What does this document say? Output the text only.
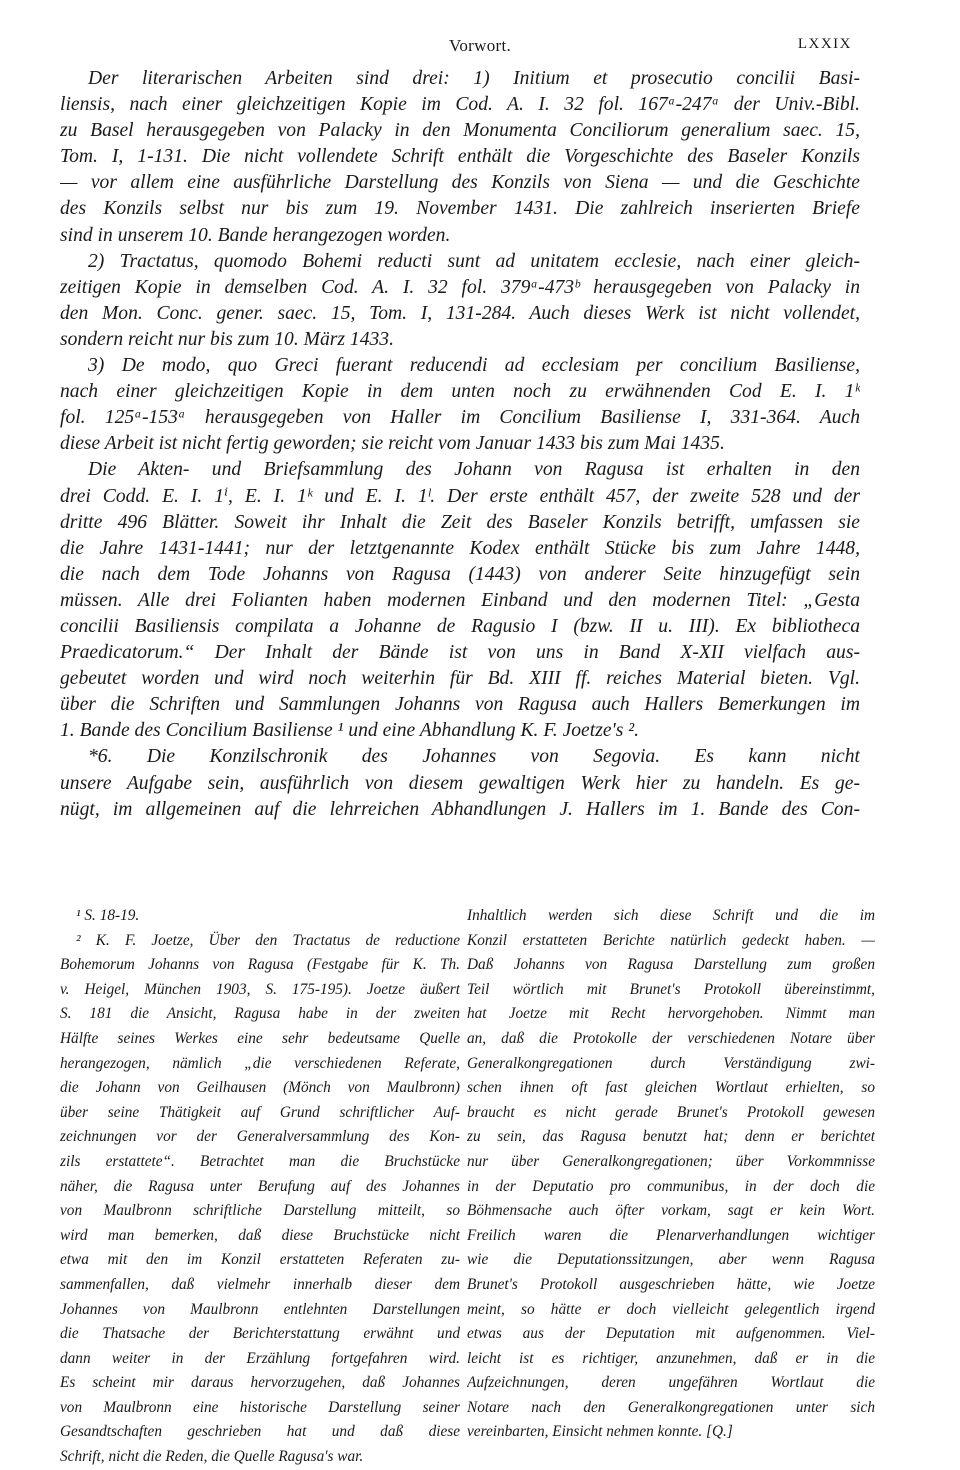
Vorwort.	LXXIX
Der literarischen Arbeiten sind drei: 1) Initium et prosecutio concilii Basi-
liensis, nach einer gleichzeitigen Kopie im Cod. A. I. 32 fol. 167ᵃ-247ᵃ der Univ.-Bibl.
zu Basel herausgegeben von Palacky in den Monumenta Conciliorum generalium saec. 15,
Tom. I, 1-131. Die nicht vollendete Schrift enthält die Vorgeschichte des Baseler Konzils
— vor allem eine ausführliche Darstellung des Konzils von Siena — und die Geschichte
des Konzils selbst nur bis zum 19. November 1431. Die zahlreich inserierten Briefe
sind in unserem 10. Bande herangezogen worden.
2) Tractatus, quomodo Bohemi reducti sunt ad unitatem ecclesie, nach einer gleich-
zeitigen Kopie in demselben Cod. A. I. 32 fol. 379ᵃ-473ᵇ herausgegeben von Palacky in
den Mon. Conc. gener. saec. 15, Tom. I, 131-284. Auch dieses Werk ist nicht vollendet,
sondern reicht nur bis zum 10. März 1433.
3) De modo, quo Greci fuerant reducendi ad ecclesiam per concilium Basiliense,
nach einer gleichzeitigen Kopie in dem unten noch zu erwähnenden Cod E. I. 1ᵏ
fol. 125ᵃ-153ᵃ herausgegeben von Haller im Concilium Basiliense I, 331-364. Auch
diese Arbeit ist nicht fertig geworden; sie reicht vom Januar 1433 bis zum Mai 1435.
Die Akten- und Briefsammlung des Johann von Ragusa ist erhalten in den
drei Codd. E. I. 1ⁱ, E. I. 1ᵏ und E. I. 1ˡ. Der erste enthält 457, der zweite 528 und der
dritte 496 Blätter. Soweit ihr Inhalt die Zeit des Baseler Konzils betrifft, umfassen sie
die Jahre 1431-1441; nur der letztgenannte Kodex enthält Stücke bis zum Jahre 1448,
die nach dem Tode Johanns von Ragusa (1443) von anderer Seite hinzugefügt sein
müssen. Alle drei Folianten haben modernen Einband und den modernen Titel: „Gesta
concilii Basiliensis compilata a Johanne de Ragusio I (bzw. II u. III). Ex bibliotheca
Praedicatorum.“ Der Inhalt der Bände ist von uns in Band X-XII vielfach aus-
gebeutet worden und wird noch weiterhin für Bd. XIII ff. reiches Material bieten. Vgl.
über die Schriften und Sammlungen Johanns von Ragusa auch Hallers Bemerkungen im
1. Bande des Concilium Basiliense ¹ und eine Abhandlung K. F. Joetze's ².
*6. Die Konzilschronik des Johannes von Segovia. Es kann nicht
unsere Aufgabe sein, ausführlich von diesem gewaltigen Werk hier zu handeln. Es ge-
nügt, im allgemeinen auf die lehrreichen Abhandlungen J. Hallers im 1. Bande des Con-
¹ S. 18-19.
² K. F. Joetze, Über den Tractatus de reductione
Bohemorum Johanns von Ragusa (Festgabe für K. Th.
v. Heigel, München 1903, S. 175-195). Joetze äußert
S. 181 die Ansicht, Ragusa habe in der zweiten
Hälfte seines Werkes eine sehr bedeutsame Quelle
herangezogen, nämlich „die verschiedenen Referate,
die Johann von Geilhausen (Mönch von Maulbronn)
über seine Thätigkeit auf Grund schriftlicher Auf-
zeichnungen vor der Generalversammlung des Kon-
zils erstattete“. Betrachtet man die Bruchstücke
näher, die Ragusa unter Berufung auf des Johannes
von Maulbronn schriftliche Darstellung mitteilt, so
wird man bemerken, daß diese Bruchstücke nicht
etwa mit den im Konzil erstatteten Referaten zu-
sammenfallen, daß vielmehr innerhalb dieser dem
Johannes von Maulbronn entlehnten Darstellungen
die Thatsache der Berichterstattung erwähnt und
dann weiter in der Erzählung fortgefahren wird.
Es scheint mir daraus hervorzugehen, daß Johannes
von Maulbronn eine historische Darstellung seiner
Gesandtschaften geschrieben hat und daß diese
Schrift, nicht die Reden, die Quelle Ragusa's war.
Inhaltlich werden sich diese Schrift und die im
Konzil erstatteten Berichte natürlich gedeckt haben. —
Daß Johanns von Ragusa Darstellung zum großen
Teil wörtlich mit Brunet's Protokoll übereinstimmt,
hat Joetze mit Recht hervorgehoben. Nimmt man
an, daß die Protokolle der verschiedenen Notare über
Generalkongregationen durch Verständigung zwi-
schen ihnen oft fast gleichen Wortlaut erhielten, so
braucht es nicht gerade Brunet's Protokoll gewesen
zu sein, das Ragusa benutzt hat; denn er berichtet
nur über Generalkongregationen; über Vorkommnisse
in der Deputatio pro communibus, in der doch die
Böhmensache auch öfter vorkam, sagt er kein Wort.
Freilich waren die Plenarverhandlungen wichtiger
wie die Deputationssitzungen, aber wenn Ragusa
Brunet's Protokoll ausgeschrieben hätte, wie Joetze
meint, so hätte er doch vielleicht gelegentlich irgend
etwas aus der Deputation mit aufgenommen. Viel-
leicht ist es richtiger, anzunehmen, daß er in die
Aufzeichnungen, deren ungefähren Wortlaut die
Notare nach den Generalkongregationen unter sich
vereinbarten, Einsicht nehmen konnte. [Q.]
